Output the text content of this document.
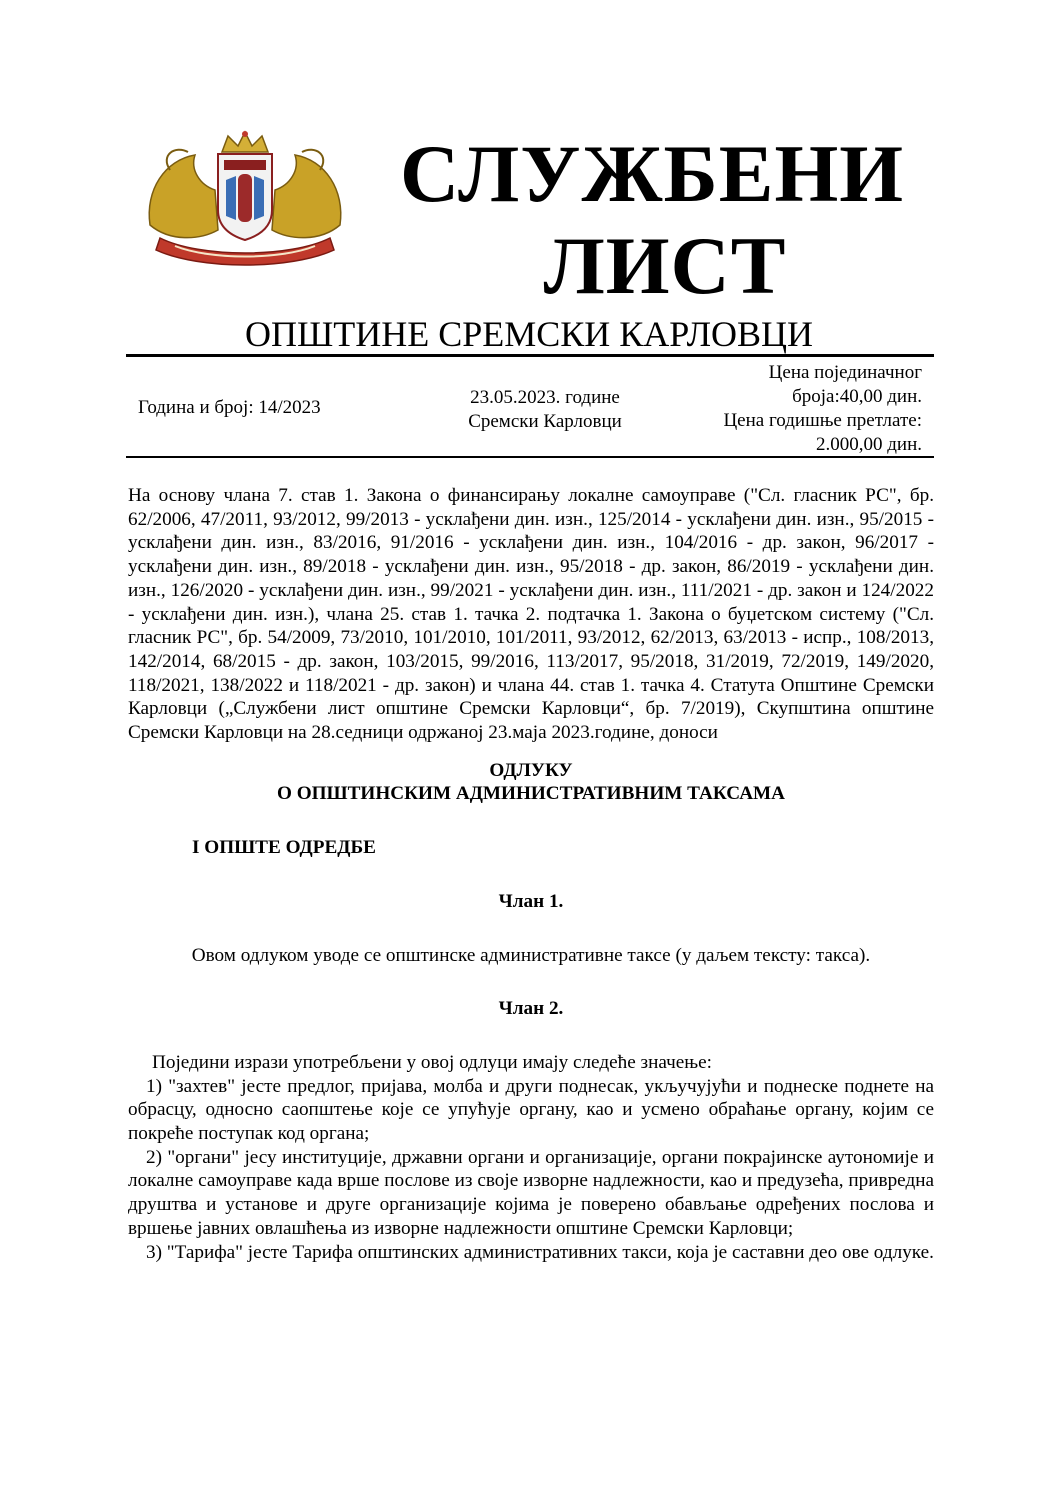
СЛУЖБЕНИ
ЛИСТ
ОПШТИНЕ СРЕМСКИ КАРЛОВЦИ
Година и број: 14/2023	23.05.2023. године
Сремски Карловци
Цена појединачног
броја:40,00 дин.
Цена годишње претлате:
2.000,00 дин.

На основу члана 7. став 1. Закона о финансирању локалне самоуправе ("Сл. гласник РС", бр. 62/2006, 47/2011, 93/2012, 99/2013 - усклађени дин. изн., 125/2014 - усклађени дин. изн., 95/2015 - усклађени дин. изн., 83/2016, 91/2016 - усклађени дин. изн., 104/2016 - др. закон, 96/2017 - усклађени дин. изн., 89/2018 - усклађени дин. изн., 95/2018 - др. закон, 86/2019 - усклађени дин. изн., 126/2020 - усклађени дин. изн., 99/2021 - усклађени дин. изн., 111/2021 - др. закон и 124/2022 - усклађени дин. изн.), члана 25. став 1. тачка 2. подтачка 1. Закона о буџетском систему ("Сл. гласник РС", бр. 54/2009, 73/2010, 101/2010, 101/2011, 93/2012, 62/2013, 63/2013 - испр., 108/2013, 142/2014, 68/2015 - др. закон, 103/2015, 99/2016, 113/2017, 95/2018, 31/2019, 72/2019, 149/2020, 118/2021, 138/2022 и 118/2021 - др. закон) и члана 44. став 1. тачка 4. Статута Општине Сремски Карловци („Службени лист општине Сремски Карловци“, бр. 7/2019), Скупштина општине Сремски Карловци на 28.седници одржаној 23.маја 2023.године, доноси

ОДЛУКУ
О ОПШТИНСКИМ АДМИНИСТРАТИВНИМ ТАКСАМА
I ОПШТЕ ОДРЕДБЕ
Члан 1.
Овом одлуком уводе се општинске административне таксе (у даљем тексту: такса).
Члан 2.
Поједини изрази употребљени у овој одлуци имају следеће значење:

1) "захтев" јесте предлог, пријава, молба и други поднесак, укључујући и поднеске поднете на обрасцу, односно саопштење које се упућује органу, као и усмено обраћање органу, којим се покреће поступак код органа;

2) "органи" јесу институције, државни органи и организације, органи покрајинске аутономије и локалне самоуправе када врше послове из своје изворне надлежности, као и предузећа, привредна друштва и установе и друге организације којима је поверено обављање одређених послова и вршење јавних овлашћења из изворне надлежности општине Сремски Карловци;

3) "Тарифа" јесте Тарифа општинских административних такси, која је саставни део ове одлуке.
